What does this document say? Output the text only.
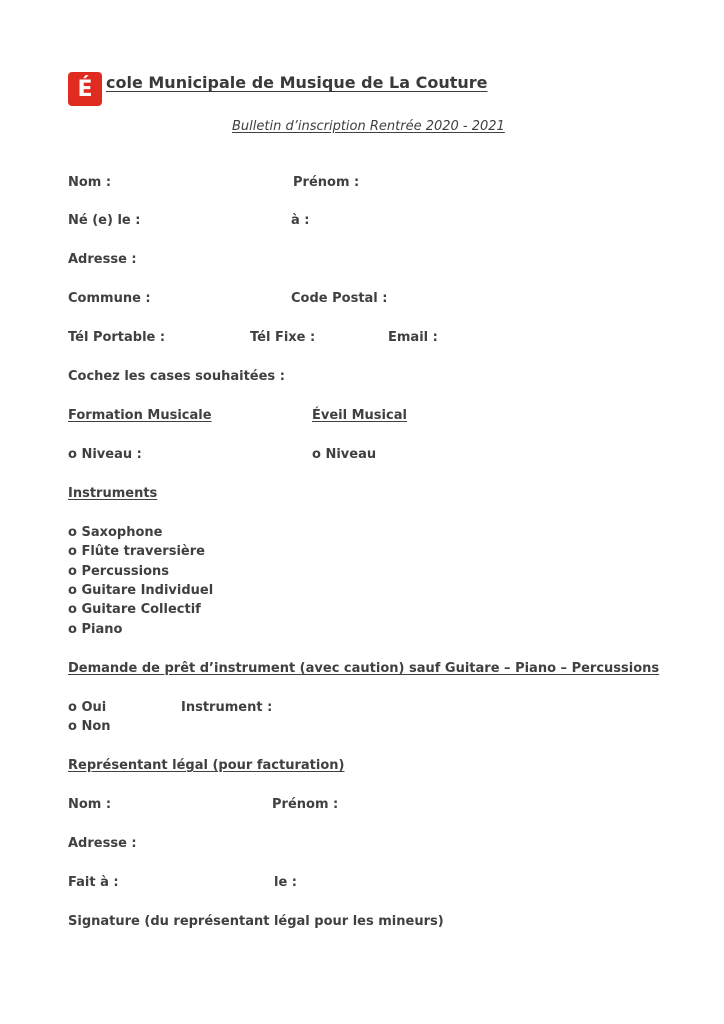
É cole Municipale de Musique de La Couture
Bulletin d’inscription Rentrée 2020 - 2021
Nom :	Prénom :
Né (e) le :	à :
Adresse :
Commune :	Code Postal :
Tél Portable :	Tél Fixe :	Email :
Cochez les cases souhaitées :
Formation Musicale	Éveil Musical
o Niveau :	o Niveau
Instruments
o Saxophone
o Flûte traversière
o Percussions
o Guitare Individuel
o Guitare Collectif
o Piano
Demande de prêt d’instrument (avec caution) sauf Guitare – Piano – Percussions
o Oui	Instrument :
o Non
Représentant légal (pour facturation)
Nom :	Prénom :
Adresse :
Fait à :	le :
Signature (du représentant légal pour les mineurs)
